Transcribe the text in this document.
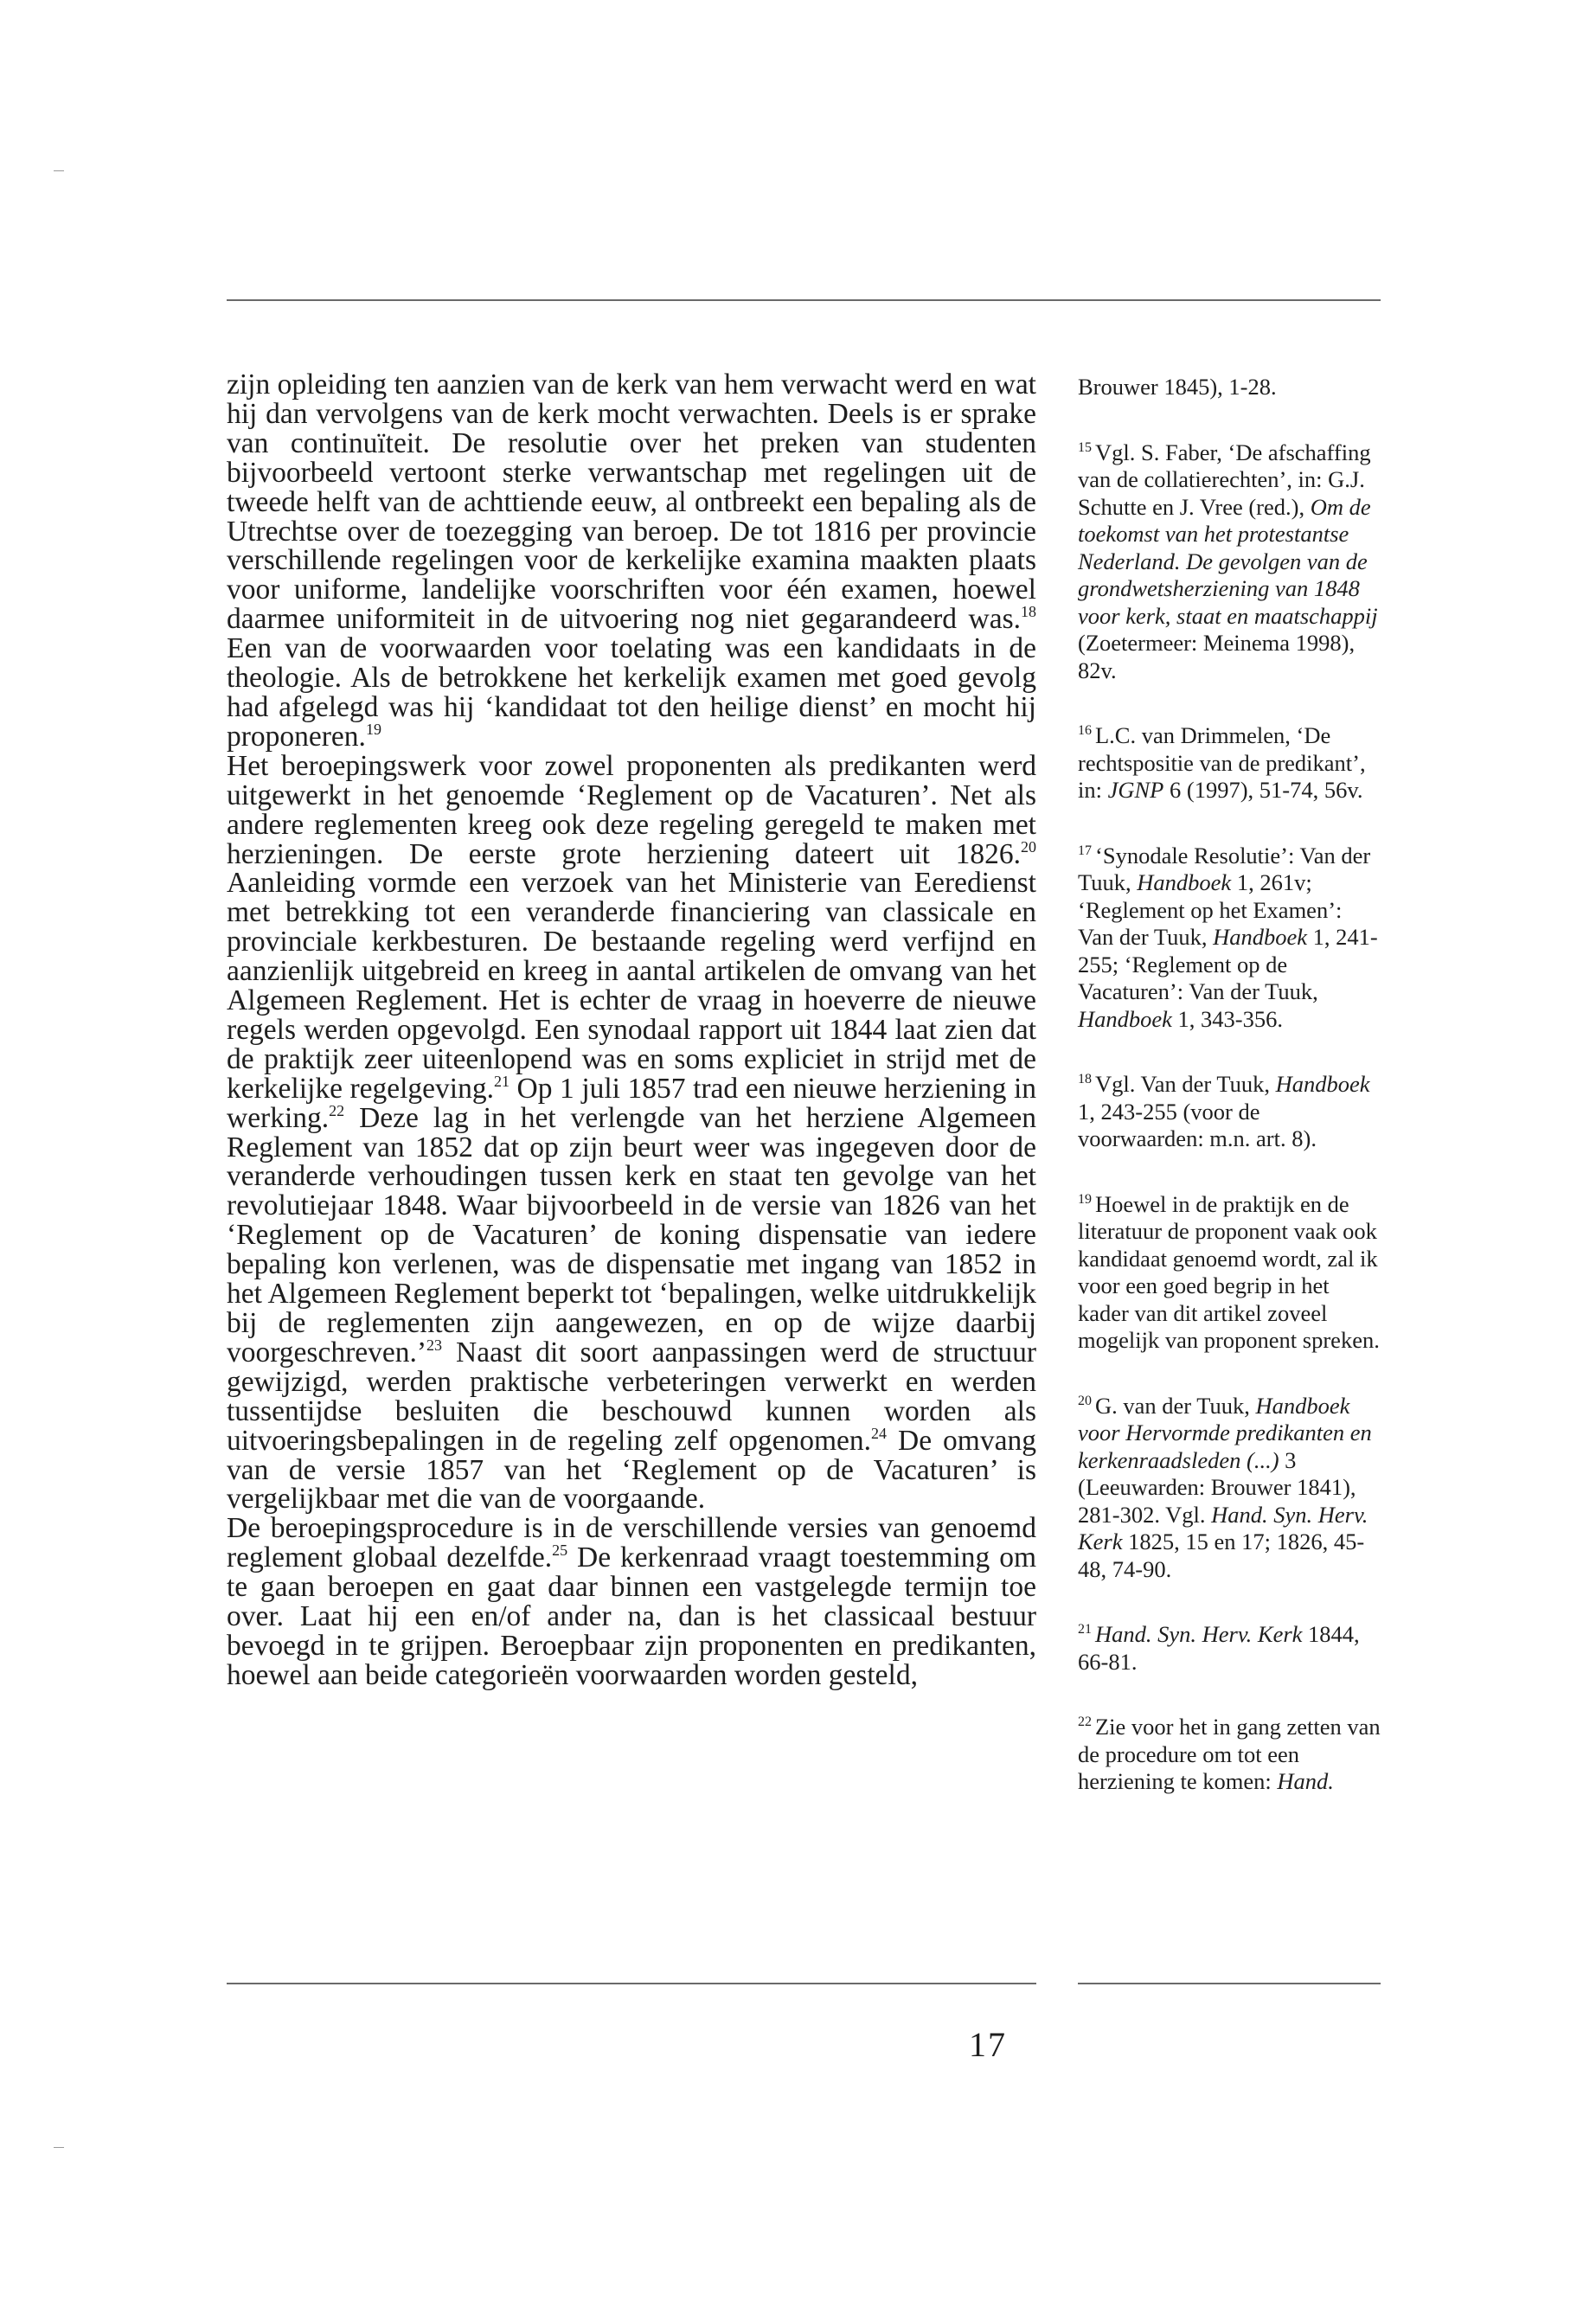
zijn opleiding ten aanzien van de kerk van hem verwacht werd en wat hij dan vervolgens van de kerk mocht verwachten. Deels is er sprake van continuïteit. De resolutie over het preken van studenten bijvoorbeeld vertoont sterke verwantschap met regelingen uit de tweede helft van de achttiende eeuw, al ontbreekt een bepaling als de Utrechtse over de toezegging van beroep. De tot 1816 per provincie verschillende regelingen voor de kerkelijke examina maakten plaats voor uniforme, landelijke voorschriften voor één examen, hoewel daarmee uniformiteit in de uitvoering nog niet gegarandeerd was.$^{18}$ Een van de voorwaarden voor toelating was een kandidaats in de theologie. Als de betrokkene het kerkelijk examen met goed gevolg had afgelegd was hij ‘kandidaat tot den heilige dienst’ en mocht hij proponeren.$^{19}$

Het beroepingswerk voor zowel proponenten als predikanten werd uitgewerkt in het genoemde ‘Reglement op de Vacaturen’. Net als andere reglementen kreeg ook deze regeling geregeld te maken met herzieningen. De eerste grote herziening dateert uit 1826.20 Aanleiding vormde een verzoek van het Ministerie van Eeredienst met betrekking tot een veranderde financiering van classicale en provinciale kerkbesturen. De bestaande regeling werd verfijnd en aanzienlijk uitgebreid en kreeg in aantal artikelen de omvang van het Algemeen Reglement. Het is echter de vraag in hoeverre de nieuwe regels werden opgevolgd. Een synodaal rapport uit 1844 laat zien dat de praktijk zeer uiteenlopend was en soms expliciet in strijd met de kerkelijke regelgeving.$^{21}$ Op 1 juli 1857 trad een nieuwe herziening in werking.$^{22}$ Deze lag in het verlengde van het herziene Algemeen Reglement van 1852 dat op zijn beurt weer was ingegeven door de veranderde verhoudingen tussen kerk en staat ten gevolge van het revolutiejaar 1848. Waar bijvoorbeeld in de versie van 1826 van het ‘Reglement op de Vacaturen’ de koning dispensatie van iedere bepaling kon verlenen, was de dispensatie met ingang van 1852 in het Algemeen Reglement beperkt tot ‘bepalingen, welke uitdrukkelijk bij de reglementen zijn aangewezen, en op de wijze daarbij voorgeschreven.’$^{23}$ Naast dit soort aanpassingen werd de structuur gewijzigd, werden praktische verbeteringen verwerkt en werden tussentijdse besluiten die beschouwd kunnen worden als uitvoeringsbepalingen in de regeling zelf opgenomen.$^{24}$ De omvang van de versie 1857 van het ‘Reglement op de Vacaturen’ is vergelijkbaar met die van de voorgaande.

De beroepingsprocedure is in de verschillende versies van genoemd reglement globaal dezelfde.$^{25}$ De kerkenraad vraagt toestemming om te gaan beroepen en gaat daar binnen een vastgelegde termijn toe over. Laat hij een en/of ander na, dan is het classicaal bestuur bevoegd in te grijpen. Beroepbaar zijn proponenten en predikanten, hoewel aan beide categorieën voorwaarden worden gesteld,

Brouwer 1845), 1-28.

$^{15}$ Vgl. S. Faber, ‘De afschaffing van de collatierechten’, in: G.J. Schutte en J. Vree (red.), Om de toekomst van het protestantse Nederland. De gevolgen van de grondwetsherziening van 1848 voor kerk, staat en maatschappij (Zoetermeer: Meinema 1998), 82v.

$^{16}$ L.C. van Drimmelen, ‘De rechtspositie van de predikant’, in: JGNP 6 (1997), 51-74, 56v.

$^{17}$ ‘Synodale Resolutie’: Van der Tuuk, Handboek 1, 261v; ‘Reglement op het Examen’: Van der Tuuk, Handboek 1, 241-255; ‘Reglement op de Vacaturen’: Van der Tuuk, Handboek 1, 343-356.

$^{18}$ Vgl. Van der Tuuk, Handboek 1, 243-255 (voor de voorwaarden: m.n. art. 8).

$^{19}$ Hoewel in de praktijk en de literatuur de proponent vaak ook kandidaat genoemd wordt, zal ik voor een goed begrip in het kader van dit artikel zoveel mogelijk van proponent spreken.

$^{20}$ G. van der Tuuk, Handboek voor Hervormde predikanten en kerkenraadsleden (...) 3 (Leeuwarden: Brouwer 1841), 281-302. Vgl. Hand. Syn. Herv. Kerk 1825, 15 en 17; 1826, 45-48, 74-90.

$^{21}$ Hand. Syn. Herv. Kerk 1844, 66-81.

$^{22}$ Zie voor het in gang zetten van de procedure om tot een herziening te komen: Hand.

17
